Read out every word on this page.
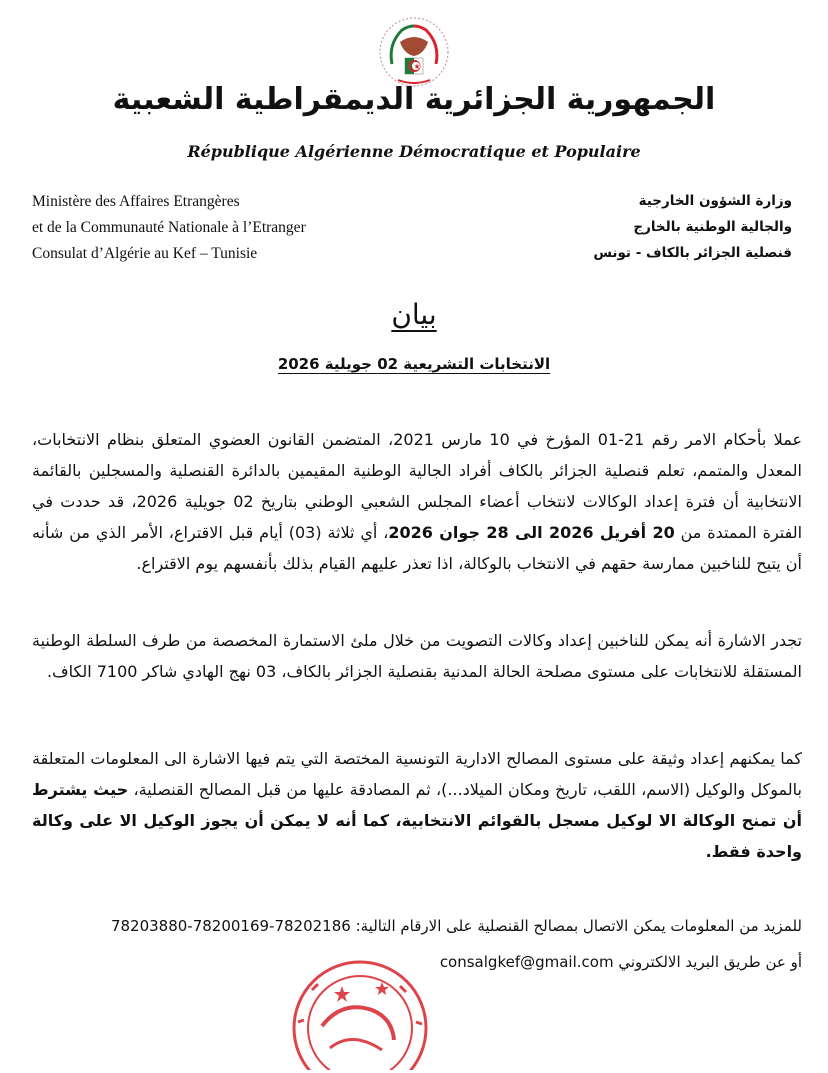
الجمهورية الجزائرية الديمقراطية الشعبية
République Algérienne Démocratique et Populaire
Ministère des Affaires Etrangères
et de la Communauté Nationale à l’Etranger
Consulat d’Algérie au Kef – Tunisie
وزارة الشؤون الخارجية
والجالية الوطنية بالخارج
قنصلية الجزائر بالكاف - تونس
بيان
الانتخابات التشريعية 02 جويلية 2026
عملا بأحكام الامر رقم 21-01 المؤرخ في 10 مارس 2021، المتضمن القانون العضوي المتعلق بنظام الانتخابات، المعدل والمتمم، تعلم قنصلية الجزائر بالكاف أفراد الجالية الوطنية المقيمين بالدائرة القنصلية والمسجلين بالقائمة الانتخابية أن فترة إعداد الوكالات لانتخاب أعضاء المجلس الشعبي الوطني بتاريخ 02 جويلية 2026، قد حددت في الفترة الممتدة من 20 أفريل 2026 الى 28 جوان 2026، أي ثلاثة (03) أيام قبل الاقتراع، الأمر الذي من شأنه أن يتيح للناخبين ممارسة حقهم في الانتخاب بالوكالة، اذا تعذر عليهم القيام بذلك بأنفسهم يوم الاقتراع.
تجدر الاشارة أنه يمكن للناخبين إعداد وكالات التصويت من خلال ملئ الاستمارة المخصصة من طرف السلطة الوطنية المستقلة للانتخابات على مستوى مصلحة الحالة المدنية بقنصلية الجزائر بالكاف، 03 نهج الهادي شاكر 7100 الكاف.
كما يمكنهم إعداد وثيقة على مستوى المصالح الادارية التونسية المختصة التي يتم فيها الاشارة الى المعلومات المتعلقة بالموكل والوكيل (الاسم، اللقب، تاريخ ومكان الميلاد...)، ثم المصادقة عليها من قبل المصالح القنصلية، حيث يشترط أن تمنح الوكالة الا لوكيل مسجل بالقوائم الانتخابية، كما أنه لا يمكن أن يجوز الوكيل الا على وكالة واحدة فقط.
للمزيد من المعلومات يمكن الاتصال بمصالح القنصلية على الارقام التالية: 78203880-78200169-78202186
أو عن طريق البريد الالكتروني consalgkef@gmail.com
